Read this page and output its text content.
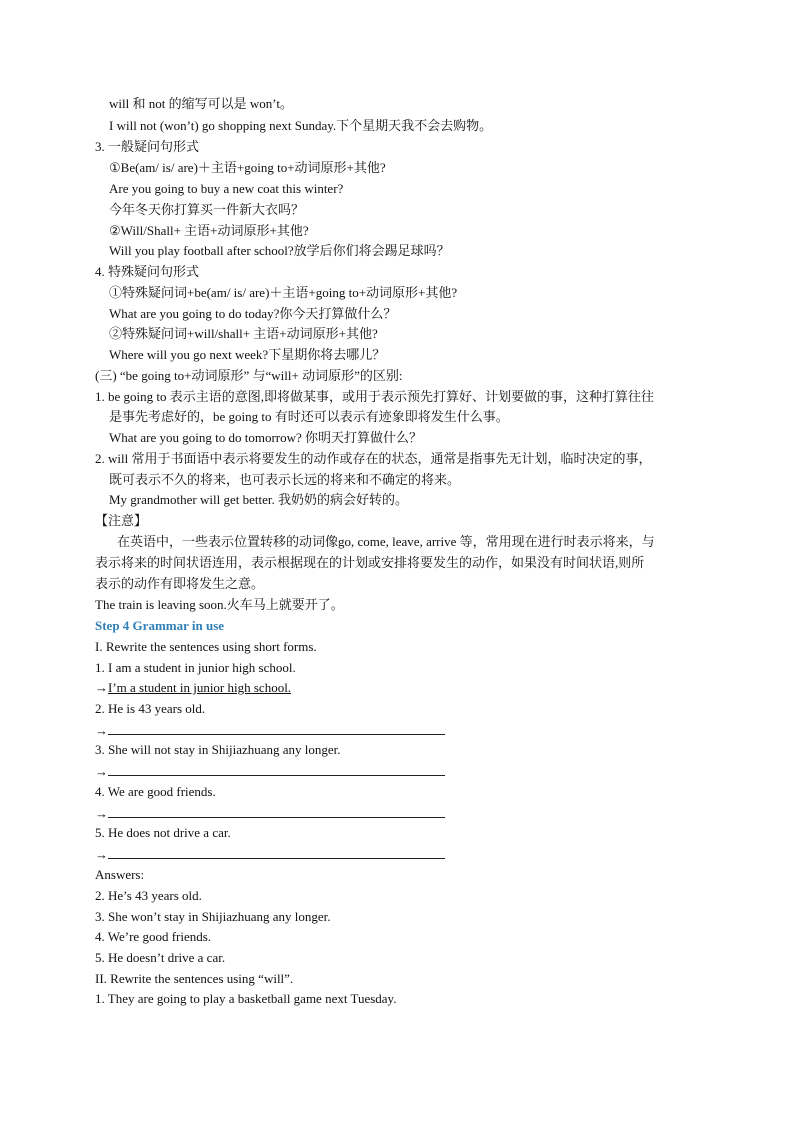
will 和 not 的缩写可以是 won’t。
I will not (won’t) go shopping next Sunday.下个星期天我不会去购物。
3. 一般疑问句形式
①Be(am/ is/ are)＋主语+going to+动词原形+其他?
Are you going to buy a new coat this winter?
今年冬天你打算买一件新大衣吗？
②Will/Shall+ 主语+动词原形+其他?
Will you play football after school?放学后你们将会踢足球吗？
4. 特殊疑问句形式
①特殊疑问词+be(am/ is/ are)＋主语+going to+动词原形+其他?
What are you going to do today?你今天打算做什么？
②特殊疑问词+will/shall+ 主语+动词原形+其他?
Where will you go next week?下星期你将去哪儿？
(三) “be going to+动词原形” 与“will+ 动词原形”的区别:
1. be going to 表示主语的意图,即将做某事，或用于表示预先打算好、计划要做的事，这种打算往往
是事先考虑好的，be going to 有时还可以表示有迹象即将发生什么事。
What are you going to do tomorrow? 你明天打算做什么？
2. will 常用于书面语中表示将要发生的动作或存在的状态，通常是指事先无计划，临时决定的事，
既可表示不久的将来，也可表示长远的将来和不确定的将来。
My grandmother will get better. 我奶奶的病会好转的。
【注意】
在英语中，一些表示位置转移的动词像go, come, leave, arrive 等，常用现在进行时表示将来，与
表示将来的时间状语连用，表示根据现在的计划或安排将要发生的动作，如果没有时间状语,则所
表示的动作有即将发生之意。
The train is leaving soon.火车马上就要开了。
Step 4 Grammar in use
I. Rewrite the sentences using short forms.
1. I am a student in junior high school.
→I’m a student in junior high school.
2. He is 43 years old.
→
3. She will not stay in Shijiazhuang any longer.
→
4. We are good friends.
→
5. He does not drive a car.
→
Answers:
2. He’s 43 years old.
3. She won’t stay in Shijiazhuang any longer.
4. We’re good friends.
5. He doesn’t drive a car.
II. Rewrite the sentences using “will”.
1. They are going to play a basketball game next Tuesday.
